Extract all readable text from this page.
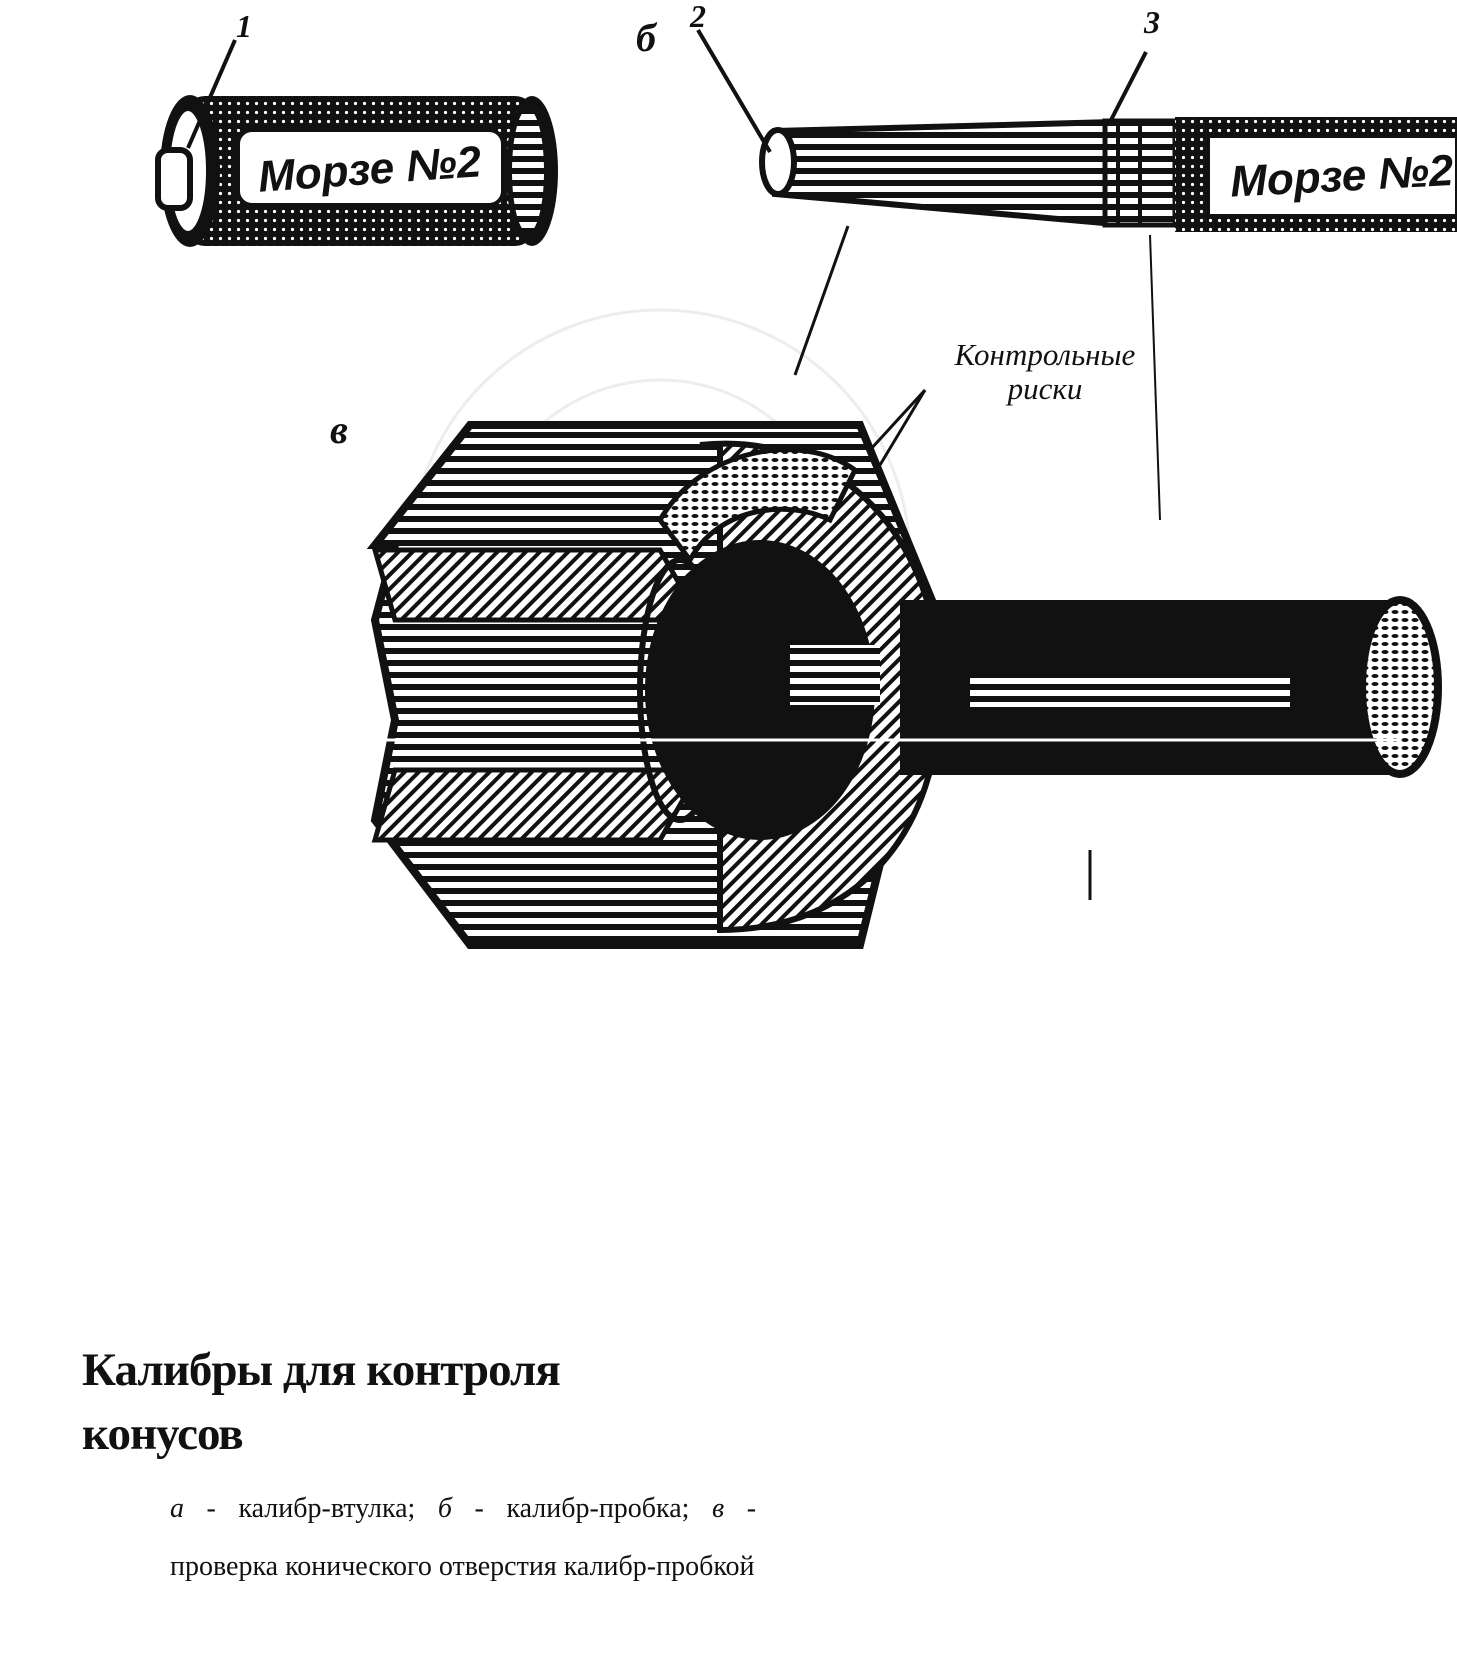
Морзе №2	Морзе №2
1	б 2	3
в
Контрольные
риски
Калибры для контроля
конусов
а - калибр-втулка; б - калибр-пробка; в - проверка конического отверстия калибр-пробкой
